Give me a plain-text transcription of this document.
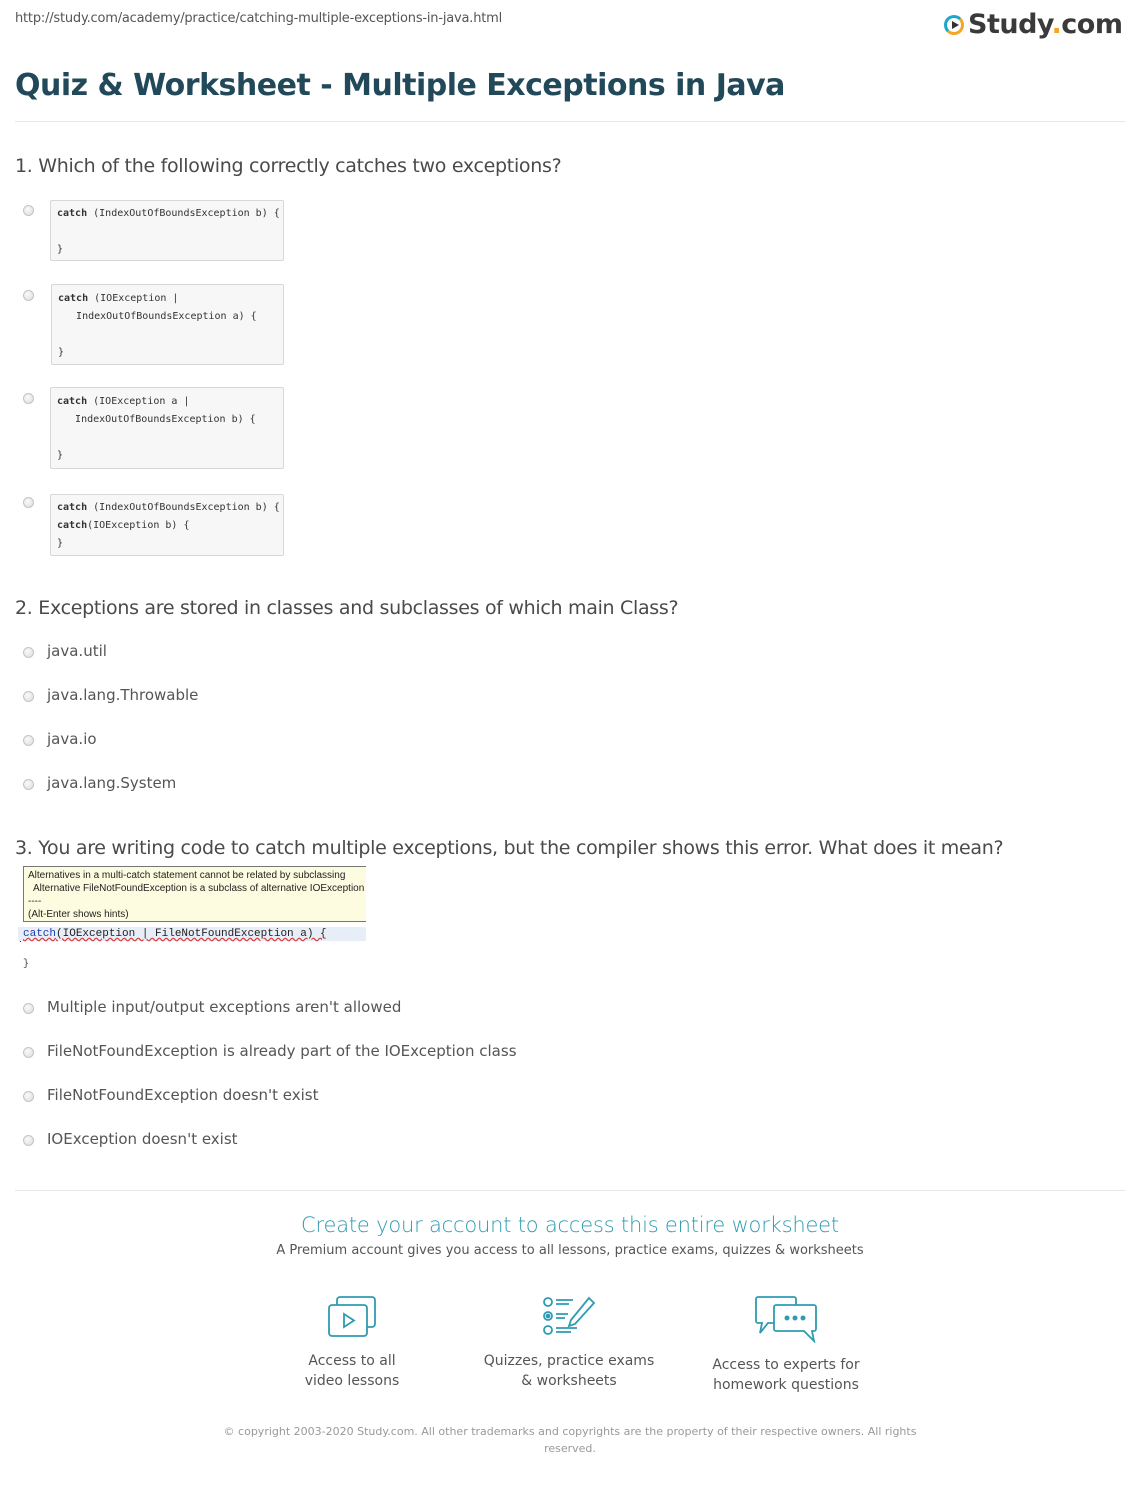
http://study.com/academy/practice/catching-multiple-exceptions-in-java.html	Study.com
Quiz & Worksheet - Multiple Exceptions in Java
1. Which of the following correctly catches two exceptions?
catch (IndexOutOfBoundsException b) {

}
catch (IOException |
IndexOutOfBoundsException a) {

}
catch (IOException a |
IndexOutOfBoundsException b) {

}
catch (IndexOutOfBoundsException b) {
catch(IOException b) {
}
2. Exceptions are stored in classes and subclasses of which main Class?
java.util
java.lang.Throwable
java.io
java.lang.System
3. You are writing code to catch multiple exceptions, but the compiler shows this error. What does it mean?
Alternatives in a multi-catch statement cannot be related by subclassing
Alternative FileNotFoundException is a subclass of alternative IOException
----
(Alt-Enter shows hints)
catch(IOException | FileNotFoundException a) {
}
Multiple input/output exceptions aren't allowed
FileNotFoundException is already part of the IOException class
FileNotFoundException doesn't exist
IOException doesn't exist
Create your account to access this entire worksheet
A Premium account gives you access to all lessons, practice exams, quizzes & worksheets
Access to all
video lessons
Quizzes, practice exams
& worksheets
Access to experts for
homework questions
© copyright 2003-2020 Study.com. All other trademarks and copyrights are the property of their respective owners. All rights reserved.
